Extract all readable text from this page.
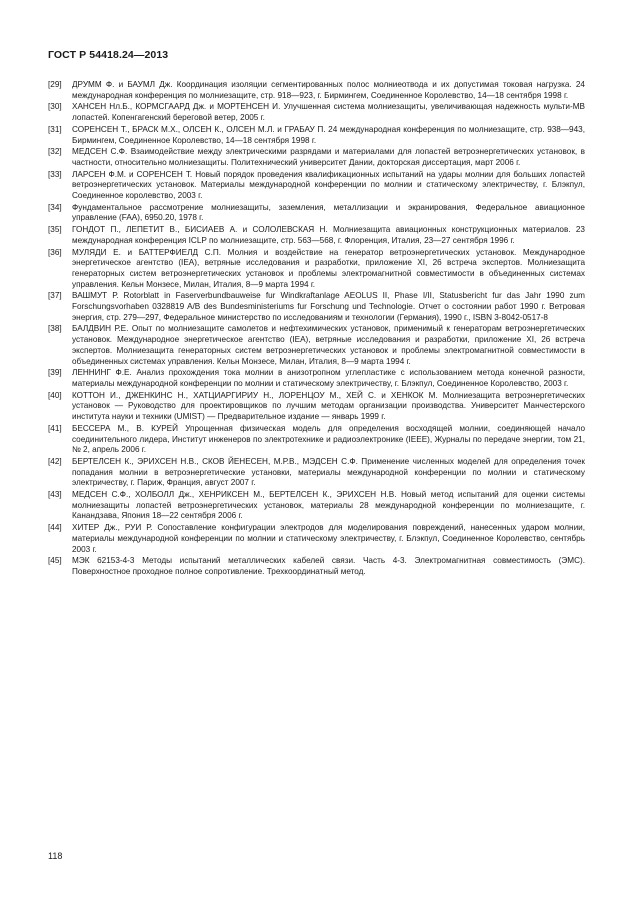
ГОСТ Р 54418.24—2013
[29]	ДРУММ Ф. и БАУМЛ Дж. Координация изоляции сегментированных полос молниеотвода и их допустимая токовая нагрузка. 24 международная конференция по молниезащите, стр. 918—923, г. Бирмингем, Соединенное Королевство, 14—18 сентября 1998 г.
[30]	ХАНСЕН Нл.Б., КОРМСГААРД Дж. и МОРТЕНСЕН И. Улучшенная система молниезащиты, увеличивающая надежность мульти-МВ лопастей. Копенгагенский береговой ветер, 2005 г.
[31]	СОРЕНСЕН Т., БРАСК М.Х., ОЛСЕН К., ОЛСЕН М.Л. и ГРАБАУ П. 24 международная конференция по молниезащите, стр. 938—943, Бирмингем, Соединенное Королевство, 14—18 сентября 1998 г.
[32]	МЕДСЕН С.Ф. Взаимодействие между электрическими разрядами и материалами для лопастей ветроэнергетических установок, в частности, относительно молниезащиты. Политехнический университет Дании, докторская диссертация, март 2006 г.
[33]	ЛАРСЕН Ф.М. и СОРЕНСЕН Т. Новый порядок проведения квалификационных испытаний на удары молнии для больших лопастей ветроэнергетических установок. Материалы международной конференции по молнии и статическому электричеству, г. Блэкпул, Соединенное королевство, 2003 г.
[34]	Фундаментальное рассмотрение молниезащиты, заземления, металлизации и экранирования, Федеральное авиационное управление (FAA), 6950.20, 1978 г.
[35]	ГОНДОТ П., ЛЕПЕТИТ В., БИСИАЕВ А. и СОЛОЛЕВСКАЯ Н. Молниезащита авиационных конструкционных материалов. 23 международная конференция ICLP по молниезащите, стр. 563—568, г. Флоренция, Италия, 23—27 сентября 1996 г.
[36]	МУЛЯДИ Е. и БАТТЕРФИЕЛД С.П. Молния и воздействие на генератор ветроэнергетических установок. Международное энергетическое агентство (IEA), ветряные исследования и разработки, приложение XI, 26 встреча экспертов. Молниезащита генераторных систем ветроэнергетических установок и проблемы электромагнитной совместимости в объединенных системах управления. Кельн Монзесе, Милан, Италия, 8—9 марта 1994 г.
[37]	ВАШМУТ Р. Rotorblatt in Faserverbundbauweise fur Windkraftanlage AEOLUS II, Phase I/II, Statusbericht fur das Jahr 1990 zum Forschungsvorhaben 0328819 A/B des Bundesministeriums fur Forschung und Technologie. Отчет о состоянии работ 1990 г. Ветровая энергия, стр. 279—297, Федеральное министерство по исследованиям и технологии (Германия), 1990 г., ISBN 3-8042-0517-8
[38]	БАЛДВИН Р.Е. Опыт по молниезащите самолетов и нефтехимических установок, применимый к генераторам ветроэнергетических установок. Международное энергетическое агентство (IEA), ветряные исследования и разработки, приложение XI, 26 встреча экспертов. Молниезащита генераторных систем ветроэнергетических установок и проблемы электромагнитной совместимости в объединенных системах управления. Кельн Монзесе, Милан, Италия, 8—9 марта 1994 г.
[39]	ЛЕННИНГ Ф.Е. Анализ прохождения тока молнии в анизотропном углепластике с использованием метода конечной разности, материалы международной конференции по молнии и статическому электричеству, г. Блэкпул, Соединенное Королевство, 2003 г.
[40]	КОТТОН И., ДЖЕНКИНС Н., ХАТЦИАРГИРИУ Н., ЛОРЕНЦОУ М., ХЕЙ С. и ХЕНКОК М. Молниезащита ветроэнергетических установок — Руководство для проектировщиков по лучшим методам организации производства. Университет Манчестерского института науки и техники (UMIST) — Предварительное издание — январь 1999 г.
[41]	БЕССЕРА М., В. КУРЕЙ Упрощенная физическая модель для определения восходящей молнии, соединяющей начало соединительного лидера, Институт инженеров по электротехнике и радиоэлектронике (IEEE), Журналы по передаче энергии, том 21, № 2, апрель 2006 г.
[42]	БЕРТЕЛСЕН К., ЭРИХСЕН Н.В., СКОВ ЙЕНЕСЕН, М.Р.В., МЭДСЕН С.Ф. Применение численных моделей для определения точек попадания молнии в ветроэнергетические установки, материалы международной конференции по молнии и статическому электричеству, г. Париж, Франция, август 2007 г.
[43]	МЕДСЕН С.Ф., ХОЛБОЛЛ Дж., ХЕНРИКСЕН М., БЕРТЕЛСЕН К., ЭРИХСЕН Н.В. Новый метод испытаний для оценки системы молниезащиты лопастей ветроэнергетических установок, материалы 28 международной конференции по молниезащите, г. Канандзава, Япония 18—22 сентября 2006 г.
[44]	ХИТЕР Дж., РУИ Р. Сопоставление конфигурации электродов для моделирования повреждений, нанесенных ударом молнии, материалы международной конференции по молнии и статическому электричеству, г. Блэкпул, Соединенное Королевство, сентябрь 2003 г.
[45]	МЭК 62153-4-3 Методы испытаний металлических кабелей связи. Часть 4-3. Электромагнитная совместимость (ЭМС). Поверхностное проходное полное сопротивление. Трехкоординатный метод.
118
